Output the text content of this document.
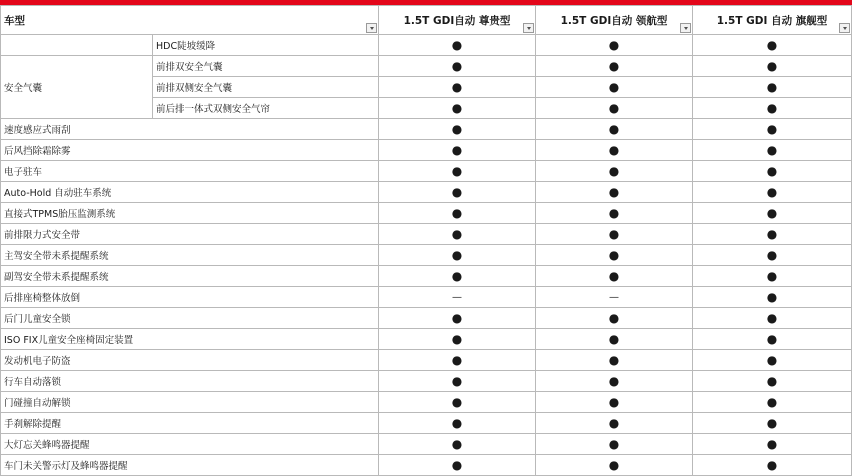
车型		1.5T GDI自动 尊贵型	1.5T GDI自动 领航型	1.5T GDI 自动 旗舰型

	HDC陡坡缓降	●	●	●
安全气囊	前排双安全气囊	●	●	●
	前排双侧安全气囊	●	●	●
	前后排一体式双侧安全气帘	●	●	●
速度感应式雨刮		●	●	●
后风挡除霜除雾		●	●	●
电子驻车		●	●	●
Auto-Hold 自动驻车系统		●	●	●
直接式TPMS胎压监测系统		●	●	●
前排限力式安全带		●	●	●
主驾安全带未系提醒系统		●	●	●
副驾安全带未系提醒系统		●	●	●
后排座椅整体放倒		—	—	●
后门儿童安全锁		●	●	●
ISO FIX儿童安全座椅固定装置		●	●	●
发动机电子防盗		●	●	●
行车自动落锁		●	●	●
门碰撞自动解锁		●	●	●
手刹解除提醒		●	●	●
大灯忘关蜂鸣器提醒		●	●	●
车门未关警示灯及蜂鸣器提醒		●	●	●
